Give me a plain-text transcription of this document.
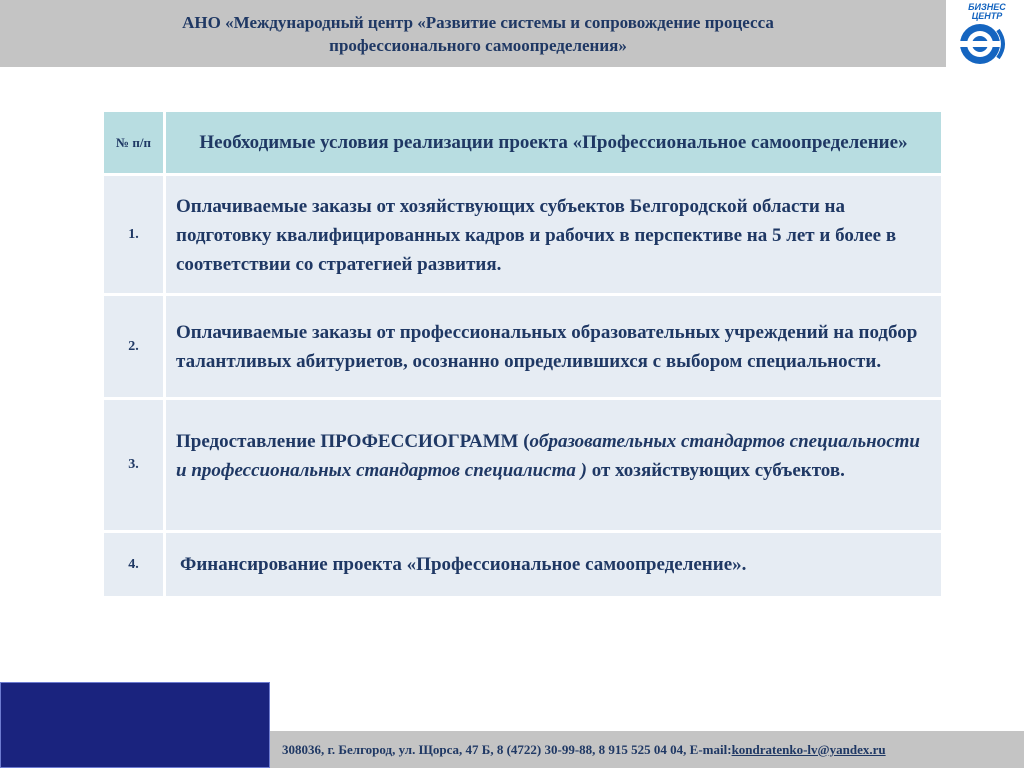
АНО «Международный центр «Развитие системы и сопровождение процесса
профессионального самоопределения»
БИЗНЕС
ЦЕНТР
№ п/п	Необходимые условия реализации проекта «Профессиональное самоопределение»
1.	Оплачиваемые заказы от хозяйствующих субъектов Белгородской области на подготовку квалифицированных кадров и рабочих в перспективе на 5 лет и более в соответствии со стратегией развития.
2.	Оплачиваемые заказы от профессиональных образовательных учреждений на подбор талантливых абитуриетов, осознанно определившихся с выбором специальности.
3.	Предоставление ПРОФЕССИОГРАММ (образовательных стандартов специальности и профессиональных стандартов специалиста ) от хозяйствующих субъектов.
4.	Финансирование проекта «Профессиональное самоопределение».
308036, г. Белгород, ул. Щорса, 47 Б, 8 (4722) 30-99-88, 8 915 525 04 04, E-mail: kondratenko-lv@yandex.ru
